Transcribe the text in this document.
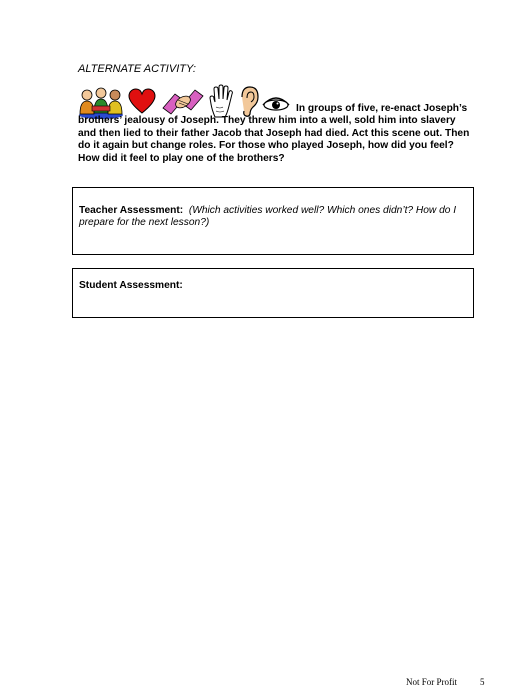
ALTERNATE ACTIVITY:

In groups of five, re-enact Joseph’s brothers’ jealousy of Joseph. They threw him into a well, sold him into slavery and then lied to their father Jacob that Joseph had died. Act this scene out. Then do it again but change roles. For those who played Joseph, how did you feel? How did it feel to play one of the brothers?

Teacher Assessment: (Which activities worked well? Which ones didn’t? How do I prepare for the next lesson?)
Student Assessment:
Not For Profit	5
